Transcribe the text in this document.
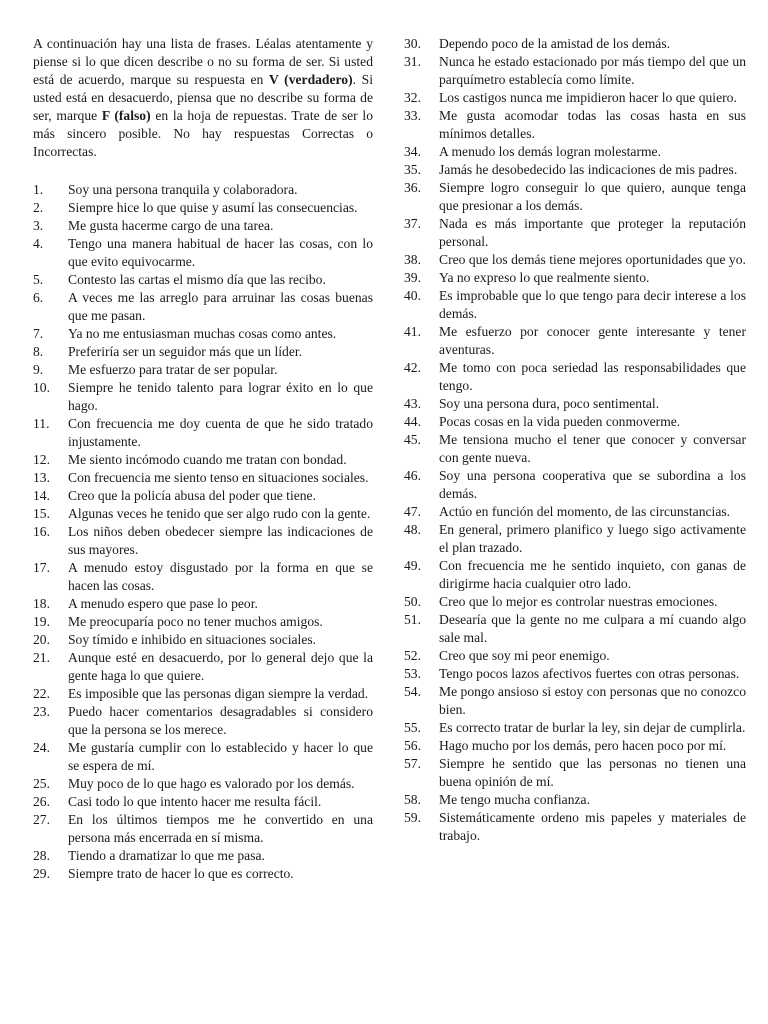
A continuación hay una lista de frases. Léalas atentamente y piense si lo que dicen describe o no su forma de ser. Si usted está de acuerdo, marque su respuesta en V (verdadero). Si usted está en desacuerdo, piensa que no describe su forma de ser, marque F (falso) en la hoja de repuestas. Trate de ser lo más sincero posible. No hay respuestas Correctas o Incorrectas.

1.	Soy una persona tranquila y colaboradora.
2.	Siempre hice lo que quise y asumí las consecuencias.
3.	Me gusta hacerme cargo de una tarea.
4.	Tengo una manera habitual de hacer las cosas, con lo que evito equivocarme.
5.	Contesto las cartas el mismo día que las recibo.
6.	A veces me las arreglo para arruinar las cosas buenas que me pasan.
7.	Ya no me entusiasman muchas cosas como antes.
8.	Preferiría ser un seguidor más que un líder.
9.	Me esfuerzo para tratar de ser popular.
10.	Siempre he tenido talento para lograr éxito en lo que hago.
11.	Con frecuencia me doy cuenta de que he sido tratado injustamente.
12.	Me siento incómodo cuando me tratan con bondad.
13.	Con frecuencia me siento tenso en situaciones sociales.
14.	Creo que la policía abusa del poder que tiene.
15.	Algunas veces he tenido que ser algo rudo con la gente.
16.	Los niños deben obedecer siempre las indicaciones de sus mayores.
17.	A menudo estoy disgustado por la forma en que se hacen las cosas.
18.	A menudo espero que pase lo peor.
19.	Me preocuparía poco no tener muchos amigos.
20.	Soy tímido e inhibido en situaciones sociales.
21.	Aunque esté en desacuerdo, por lo general dejo que la gente haga lo que quiere.
22.	Es imposible que las personas digan siempre la verdad.
23.	Puedo hacer comentarios desagradables si considero que la persona se los merece.
24.	Me gustaría cumplir con lo establecido y hacer lo que se espera de mí.
25.	Muy poco de lo que hago es valorado por los demás.
26.	Casi todo lo que intento hacer me resulta fácil.
27.	En los últimos tiempos me he convertido en una persona más encerrada en sí misma.
28.	Tiendo a dramatizar lo que me pasa.
29.	Siempre trato de hacer lo que es correcto.
30.	Dependo poco de la amistad de los demás.
31.	Nunca he estado estacionado por más tiempo del que un parquímetro establecía como límite.
32.	Los castigos nunca me impidieron hacer lo que quiero.
33.	Me gusta acomodar todas las cosas hasta en sus mínimos detalles.
34.	A menudo los demás logran molestarme.
35.	Jamás he desobedecido las indicaciones de mis padres.
36.	Siempre logro conseguir lo que quiero, aunque tenga que presionar a los demás.
37.	Nada es más importante que proteger la reputación personal.
38.	Creo que los demás tiene mejores oportunidades que yo.
39.	Ya no expreso lo que realmente siento.
40.	Es improbable que lo que tengo para decir interese a los demás.
41.	Me esfuerzo por conocer gente interesante y tener aventuras.
42.	Me tomo con poca seriedad las responsabilidades que tengo.
43.	Soy una persona dura, poco sentimental.
44.	Pocas cosas en la vida pueden conmoverme.
45.	Me tensiona mucho el tener que conocer y conversar con gente nueva.
46.	Soy una persona cooperativa que se subordina a los demás.
47.	Actúo en función del momento, de las circunstancias.
48.	En general, primero planifico y luego sigo activamente el plan trazado.
49.	Con frecuencia me he sentido inquieto, con ganas de dirigirme hacia cualquier otro lado.
50.	Creo que lo mejor es controlar nuestras emociones.
51.	Desearía que la gente no me culpara a mí cuando algo sale mal.
52.	Creo que soy mi peor enemigo.
53.	Tengo pocos lazos afectivos fuertes con otras personas.
54.	Me pongo ansioso si estoy con personas que no conozco bien.
55.	Es correcto tratar de burlar la ley, sin dejar de cumplirla.
56.	Hago mucho por los demás, pero hacen poco por mí.
57.	Siempre he sentido que las personas no tienen una buena opinión de mí.
58.	Me tengo mucha confianza.
59.	Sistemáticamente ordeno mis papeles y materiales de trabajo.
